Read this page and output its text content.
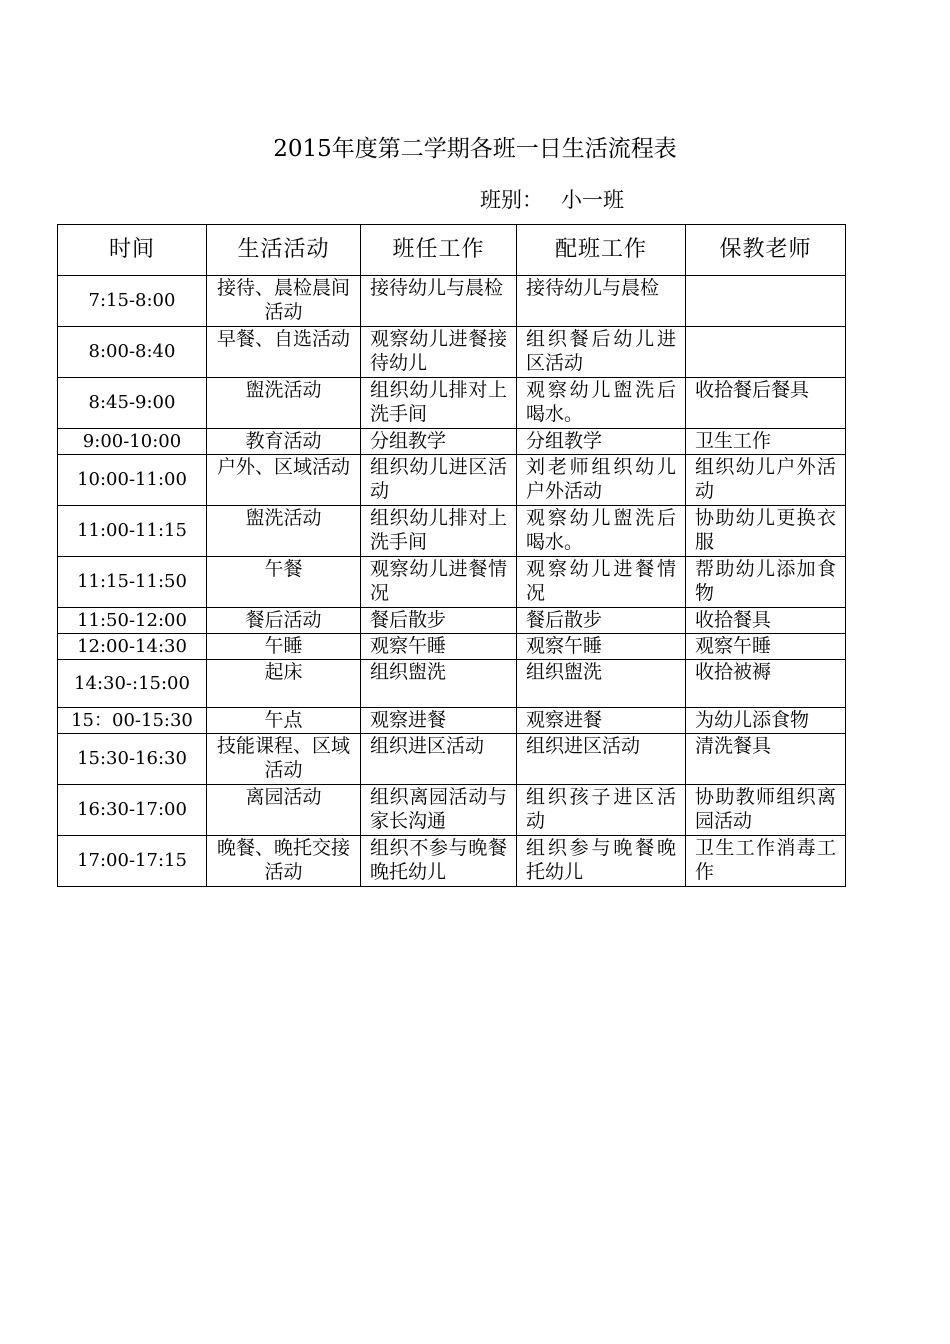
2015年度第二学期各班一日生活流程表
班别： 小一班
时间	生活活动	班任工作	配班工作	保教老师
7:15-8:00	接待、晨检晨间活动	接待幼儿与晨检	接待幼儿与晨检	
8:00-8:40	早餐、自选活动	观察幼儿进餐接待幼儿	组织餐后幼儿进区活动	
8:45-9:00	盥洗活动	组织幼儿排对上洗手间	观察幼儿盥洗后喝水。	收拾餐后餐具
9:00-10:00	教育活动	分组教学	分组教学	卫生工作
10:00-11:00	户外、区域活动	组织幼儿进区活动	刘老师组织幼儿户外活动	组织幼儿户外活动
11:00-11:15	盥洗活动	组织幼儿排对上洗手间	观察幼儿盥洗后喝水。	协助幼儿更换衣服
11:15-11:50	午餐	观察幼儿进餐情况	观察幼儿进餐情况	帮助幼儿添加食物
11:50-12:00	餐后活动	餐后散步	餐后散步	收拾餐具
12:00-14:30	午睡	观察午睡	观察午睡	观察午睡
14:30-:15:00	起床	组织盥洗	组织盥洗	收拾被褥
15：00-15:30	午点	观察进餐	观察进餐	为幼儿添食物
15:30-16:30	技能课程、区域活动	组织进区活动	组织进区活动	清洗餐具
16:30-17:00	离园活动	组织离园活动与家长沟通	组织孩子进区活动	协助教师组织离园活动
17:00-17:15	晚餐、晚托交接活动	组织不参与晚餐晚托幼儿	组织参与晚餐晚托幼儿	卫生工作消毒工作
